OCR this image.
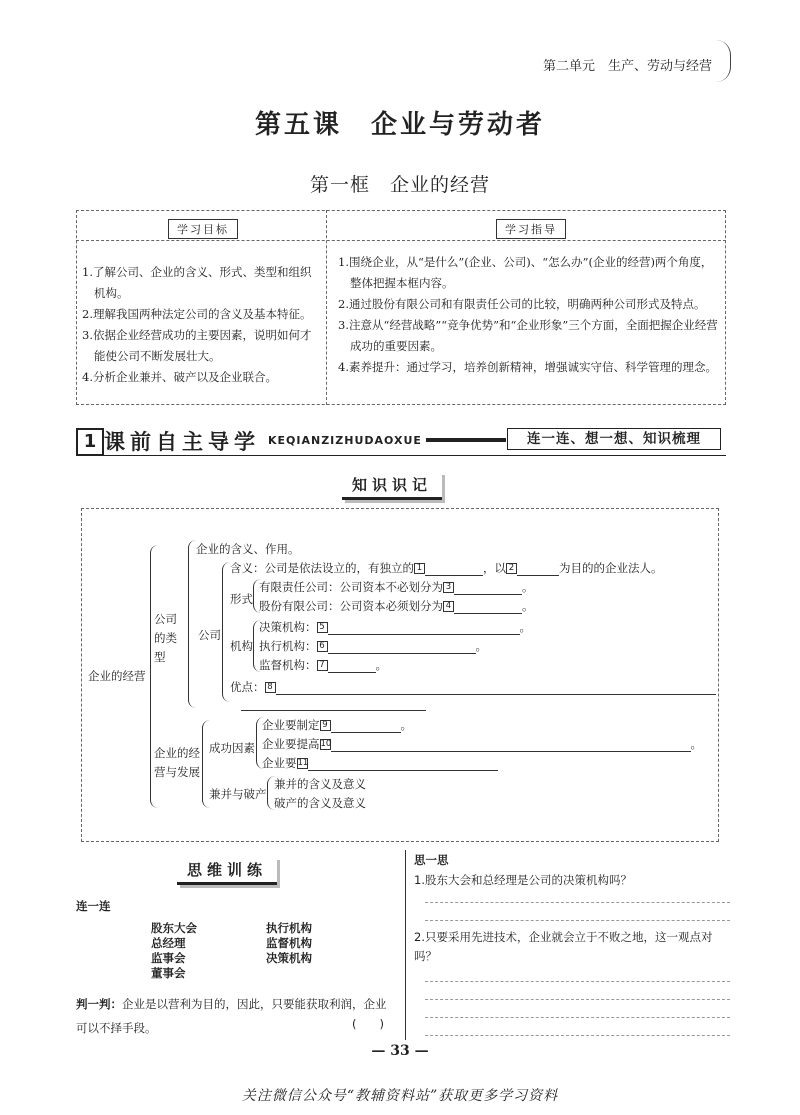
第二单元　生产、劳动与经营
第五课　企业与劳动者
第一框　企业的经营
学习目标	学习指导
1.了解公司、企业的含义、形式、类型和组织机构。
2.理解我国两种法定公司的含义及基本特征。
3.依据企业经营成功的主要因素，说明如何才能使公司不断发展壮大。
4.分析企业兼并、破产以及企业联合。
1.围绕企业，从“是什么”(企业、公司)、“怎么办”(企业的经营)两个角度，整体把握本框内容。
2.通过股份有限公司和有限责任公司的比较，明确两种公司形式及特点。
3.注意从“经营战略”“竞争优势”和“企业形象”三个方面，全面把握企业经营成功的重要因素。
4.素养提升：通过学习，培养创新精神，增强诚实守信、科学管理的理念。
1 课前自主导学 KEQIANZIZHUDAOXUE	连一连、想一想、知识梳理
知识识记
企业的经营
企业的含义、作用。
公司的类型
公司
含义：公司是依法设立的，有独立的 1	，以 2	为目的的企业法人。
形式
有限责任公司：公司资本不必划分为 3	。
股份有限公司：公司资本必须划分为 4	。
机构
决策机构： 5	。
执行机构： 6	。
监督机构： 7	。
优点： 8
企业的经营与发展
成功因素
企业要制定 9	。
企业要提高10	。
企业要11
兼并与破产
兼并的含义及意义
破产的含义及意义
思维训练
连一连
股东大会
总经理
监事会
董事会
执行机构
监督机构
决策机构
判一判：企业是以营利为目的，因此，只要能获取利润，企业可以不择手段。	(　　)
思一思
1.股东大会和总经理是公司的决策机构吗？
2.只要采用先进技术，企业就会立于不败之地，这一观点对吗？
— 33 —
关注微信公众号“教辅资料站”获取更多学习资料
